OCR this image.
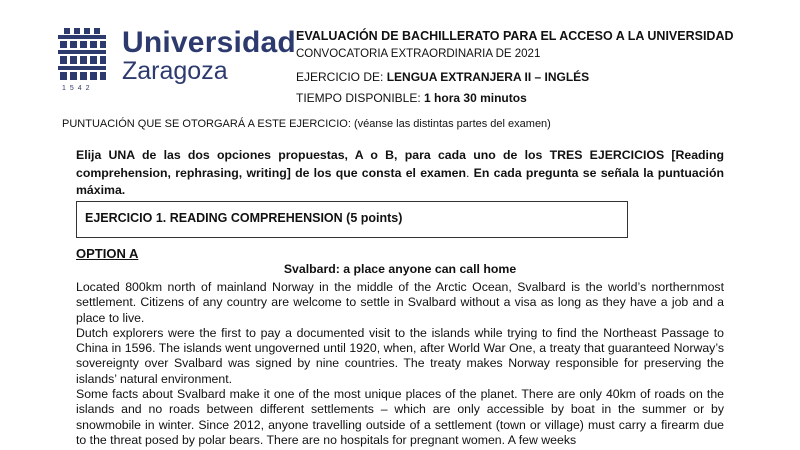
Universidad
Zaragoza
1542
EVALUACIÓN DE BACHILLERATO PARA EL ACCESO A LA UNIVERSIDAD
CONVOCATORIA EXTRAORDINARIA DE 2021
EJERCICIO DE: LENGUA EXTRANJERA II – INGLÉS
TIEMPO DISPONIBLE: 1 hora 30 minutos
PUNTUACIÓN QUE SE OTORGARÁ A ESTE EJERCICIO: (véanse las distintas partes del examen)
Elija UNA de las dos opciones propuestas, A o B, para cada uno de los TRES EJERCICIOS [Reading comprehension, rephrasing, writing] de los que consta el examen. En cada pregunta se señala la puntuación máxima.
EJERCICIO 1. READING COMPREHENSION (5 points)
OPTION A
Svalbard: a place anyone can call home

Located 800km north of mainland Norway in the middle of the Arctic Ocean, Svalbard is the world’s northernmost settlement. Citizens of any country are welcome to settle in Svalbard without a visa as long as they have a job and a place to live.

Dutch explorers were the first to pay a documented visit to the islands while trying to find the Northeast Passage to China in 1596. The islands went ungoverned until 1920, when, after World War One, a treaty that guaranteed Norway’s sovereignty over Svalbard was signed by nine countries. The treaty makes Norway responsible for preserving the islands’ natural environment.

Some facts about Svalbard make it one of the most unique places of the planet. There are only 40km of roads on the islands and no roads between different settlements – which are only accessible by boat in the summer or by snowmobile in winter. Since 2012, anyone travelling outside of a settlement (town or village) must carry a firearm due to the threat posed by polar bears. There are no hospitals for pregnant women. A few weeks
